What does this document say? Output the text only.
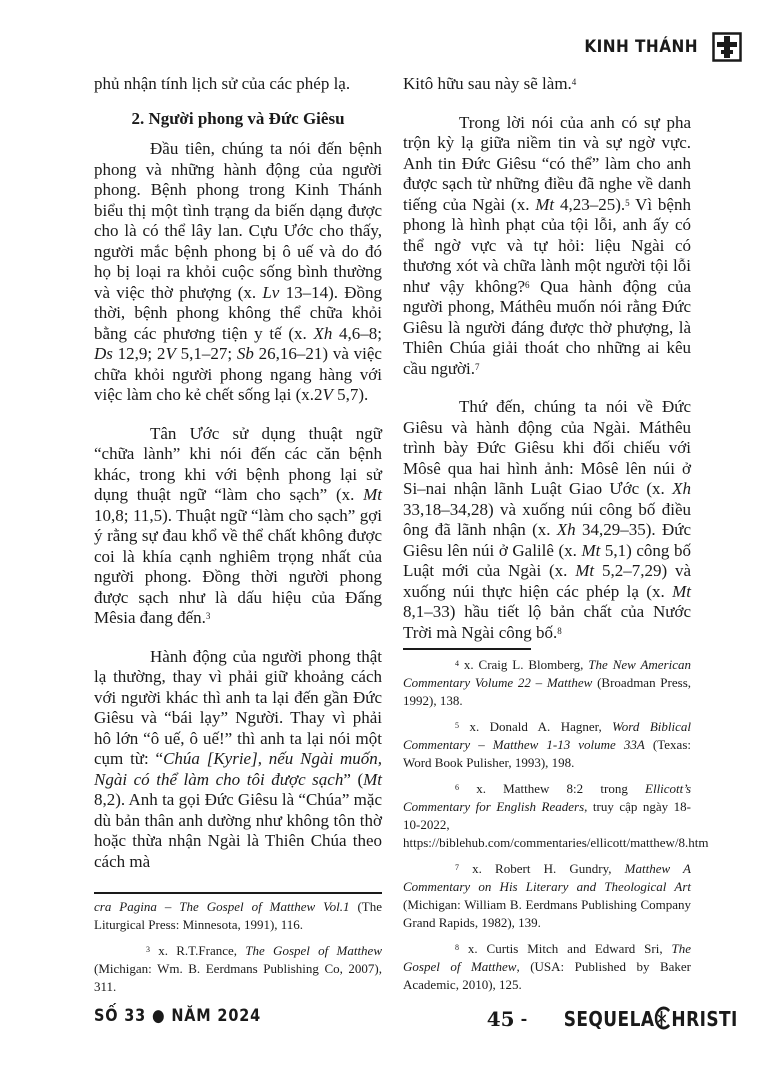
KINH THÁNH

phủ nhận tính lịch sử của các phép lạ.

2. Người phong và Đức Giêsu

Đầu tiên, chúng ta nói đến bệnh phong và những hành động của người phong. Bệnh phong trong Kinh Thánh biểu thị một tình trạng da biến dạng được cho là có thể lây lan. Cựu Ước cho thấy, người mắc bệnh phong bị ô uế và do đó họ bị loại ra khỏi cuộc sống bình thường và việc thờ phượng (x. Lv 13–14). Đồng thời, bệnh phong không thể chữa khỏi bằng các phương tiện y tế (x. Xh 4,6–8; Ds 12,9; 2V 5,1–27; Sb 26,16–21) và việc chữa khỏi người phong ngang hàng với việc làm cho kẻ chết sống lại (x.2V 5,7).

Tân Ước sử dụng thuật ngữ “chữa lành” khi nói đến các căn bệnh khác, trong khi với bệnh phong lại sử dụng thuật ngữ “làm cho sạch” (x. Mt 10,8; 11,5). Thuật ngữ “làm cho sạch” gợi ý rằng sự đau khổ về thể chất không được coi là khía cạnh nghiêm trọng nhất của người phong. Đồng thời người phong được sạch như là dấu hiệu của Đấng Mêsia đang đến.$^3$

Hành động của người phong thật lạ thường, thay vì phải giữ khoảng cách với người khác thì anh ta lại đến gần Đức Giêsu và “bái lạy” Người. Thay vì phải hô lớn “ô uế, ô uế!” thì anh ta lại nói một cụm từ: “Chúa [Kyrie], nếu Ngài muốn, Ngài có thể làm cho tôi được sạch” (Mt 8,2). Anh ta gọi Đức Giêsu là “Chúa” mặc dù bản thân anh dường như không tôn thờ hoặc thừa nhận Ngài là Thiên Chúa theo cách mà

Kitô hữu sau này sẽ làm.$^4$

Trong lời nói của anh có sự pha trộn kỳ lạ giữa niềm tin và sự ngờ vực. Anh tin Đức Giêsu “có thể” làm cho anh được sạch từ những điều đã nghe về danh tiếng của Ngài (x. Mt 4,23–25).$^5$ Vì bệnh phong là hình phạt của tội lỗi, anh ấy có thể ngờ vực và tự hỏi: liệu Ngài có thương xót và chữa lành một người tội lỗi như vậy không?$^6$ Qua hành động của người phong, Máthêu muốn nói rằng Đức Giêsu là người đáng được thờ phượng, là Thiên Chúa giải thoát cho những ai kêu cầu người.$^7$

Thứ đến, chúng ta nói về Đức Giêsu và hành động của Ngài. Máthêu trình bày Đức Giêsu khi đối chiếu với Môsê qua hai hình ảnh: Môsê lên núi ở Si–nai nhận lãnh Luật Giao Ước (x. Xh 33,18–34,28) và xuống núi công bố điều ông đã lãnh nhận (x. Xh 34,29–35). Đức Giêsu lên núi ở Galilê (x. Mt 5,1) công bố Luật mới của Ngài (x. Mt 5,2–7,29) và xuống núi thực hiện các phép lạ (x. Mt 8,1–33) hầu tiết lộ bản chất của Nước Trời mà Ngài công bố.$^8$

$^4$ x. Craig L. Blomberg, The New American Commentary Volume 22 – Matthew (Broadman Press, 1992), 138.

$^5$ x. Donald A. Hagner, Word Biblical Commentary – Matthew 1-13 volume 33A (Texas: Word Book Pulisher, 1993), 198.

$^6$ x. Matthew 8:2 trong Ellicott’s Commentary for English Readers, truy cập ngày 18-10-2022, https://biblehub.com/commentaries/ellicott/matthew/8.htm

$^7$ x. Robert H. Gundry, Matthew A Commentary on His Literary and Theological Art (Michigan: William B. Eerdmans Publishing Company Grand Rapids, 1982), 139.

$^8$ x. Curtis Mitch and Edward Sri, The Gospel of Matthew, (USA: Published by Baker Academic, 2010), 125.

cra Pagina – The Gospel of Matthew Vol.1 (The Liturgical Press: Minnesota, 1991), 116.

$^3$ x. R.T.France, The Gospel of Matthew (Michigan: Wm. B. Eerdmans Publishing Co, 2007), 311.

SỐ 33 ● NĂM 2024	45 - SEQUELA HRISTI
